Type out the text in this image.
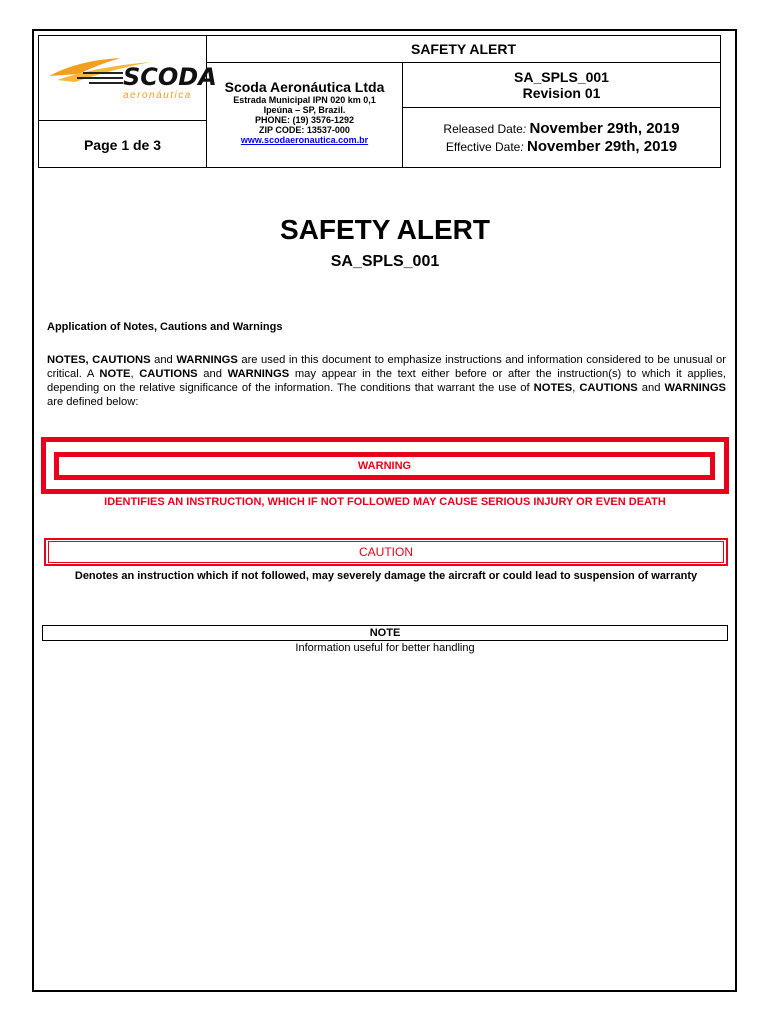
SCODA
aeronáutica
Page 1 de 3
SAFETY ALERT
Scoda Aeronáutica Ltda
Estrada Municipal IPN 020 km 0,1
Ipeúna – SP, Brazil.
PHONE: (19) 3576-1292
ZIP CODE: 13537-000
www.scodaeronautica.com.br
SA_SPLS_001
Revision 01
Released Date: November 29th, 2019
Effective Date: November 29th, 2019
SAFETY ALERT
SA_SPLS_001
Application of Notes, Cautions and Warnings
NOTES, CAUTIONS and WARNINGS are used in this document to emphasize instructions and information considered to be unusual or critical. A NOTE, CAUTIONS and WARNINGS may appear in the text either before or after the instruction(s) to which it applies, depending on the relative significance of the information. The conditions that warrant the use of NOTES, CAUTIONS and WARNINGS are defined below:
WARNING
IDENTIFIES AN INSTRUCTION, WHICH IF NOT FOLLOWED MAY CAUSE SERIOUS INJURY OR EVEN DEATH
CAUTION
Denotes an instruction which if not followed, may severely damage the aircraft or could lead to suspension of warranty
NOTE
Information useful for better handling
